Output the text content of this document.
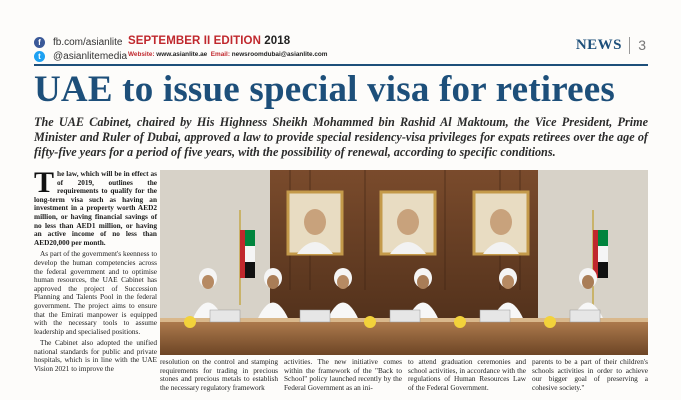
f	fb.com/asianlite
t	@asianlitemedia
SEPTEMBER II EDITION 2018
Website: www.asianlite.ae Email: newsroomdubai@asianlite.com
NEWS 3
UAE to issue special visa for retirees

The UAE Cabinet, chaired by His Highness Sheikh Mohammed bin Rashid Al Maktoum, the Vice President, Prime Minister and Ruler of Dubai, approved a law to provide special residency-visa privileges for expats retirees over the age of fifty-five years for a period of five years, with the possibility of renewal, according to specific conditions.

The law, which will be in effect as of 2019, outlines the requirements to qualify for the long-term visa such as having an investment in a property worth AED2 million, or having financial savings of no less than AED1 million, or having an active income of no less than AED20,000 per month.

As part of the government's keenness to develop the human competencies across the federal government and to optimise human resources, the UAE Cabinet has approved the project of Succession Planning and Talents Pool in the federal government. The project aims to ensure that the Emirati manpower is equipped with the necessary tools to assume leadership and specialised positions.

The Cabinet also adopted the unified national standards for public and private hospitals, which is in line with the UAE Vision 2021 to improve the

resolution on the control and stamping requirements for trading in precious stones and precious metals to establish the necessary regulatory framework
activities. The new initiative comes within the framework of the "Back to School" policy launched recently by the Federal Government as an ini-
to attend graduation ceremonies and school activities, in accordance with the regulations of Human Resources Law of the Federal Government.
parents to be a part of their children's schools activities in order to achieve our bigger goal of preserving a cohesive society."
